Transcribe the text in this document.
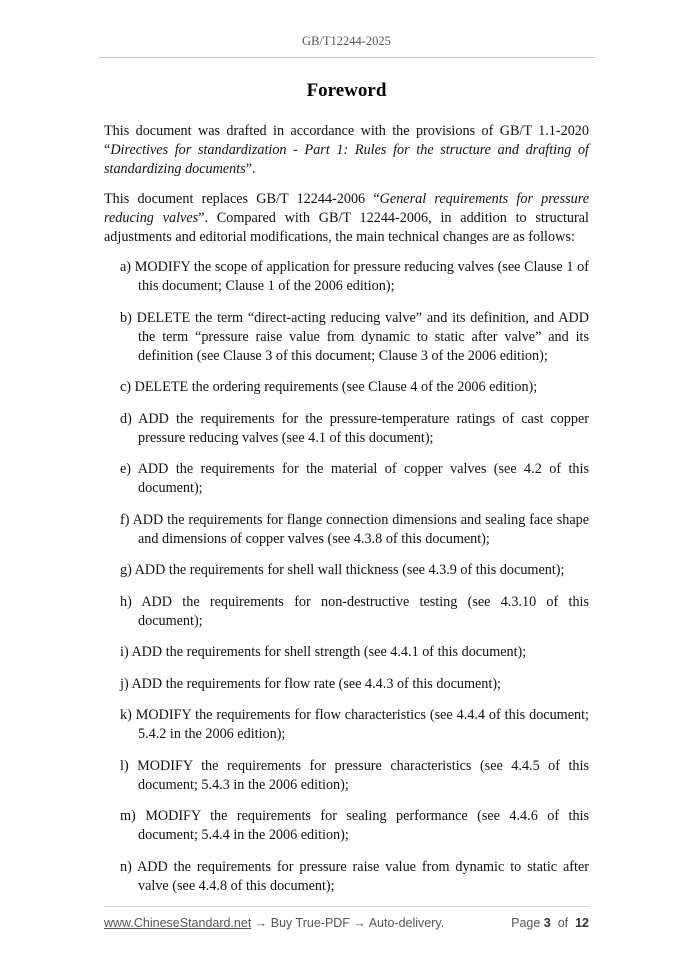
GB/T12244-2025
Foreword

This document was drafted in accordance with the provisions of GB/T 1.1-2020 “Directives for standardization - Part 1: Rules for the structure and drafting of standardizing documents”.

This document replaces GB/T 12244-2006 “General requirements for pressure reducing valves”. Compared with GB/T 12244-2006, in addition to structural adjustments and editorial modifications, the main technical changes are as follows:

a) MODIFY the scope of application for pressure reducing valves (see Clause 1 of this document; Clause 1 of the 2006 edition);

b) DELETE the term “direct-acting reducing valve” and its definition, and ADD the term “pressure raise value from dynamic to static after valve” and its definition (see Clause 3 of this document; Clause 3 of the 2006 edition);

c) DELETE the ordering requirements (see Clause 4 of the 2006 edition);

d) ADD the requirements for the pressure-temperature ratings of cast copper pressure reducing valves (see 4.1 of this document);

e) ADD the requirements for the material of copper valves (see 4.2 of this document);

f) ADD the requirements for flange connection dimensions and sealing face shape and dimensions of copper valves (see 4.3.8 of this document);

g) ADD the requirements for shell wall thickness (see 4.3.9 of this document);

h) ADD the requirements for non-destructive testing (see 4.3.10 of this document);

i) ADD the requirements for shell strength (see 4.4.1 of this document);

j) ADD the requirements for flow rate (see 4.4.3 of this document);

k) MODIFY the requirements for flow characteristics (see 4.4.4 of this document; 5.4.2 in the 2006 edition);

l) MODIFY the requirements for pressure characteristics (see 4.4.5 of this document; 5.4.3 in the 2006 edition);

m) MODIFY the requirements for sealing performance (see 4.4.6 of this document; 5.4.4 in the 2006 edition);

n) ADD the requirements for pressure raise value from dynamic to static after valve (see 4.4.8 of this document);

www.ChineseStandard.net → Buy True-PDF → Auto-delivery.	Page 3 of 12
